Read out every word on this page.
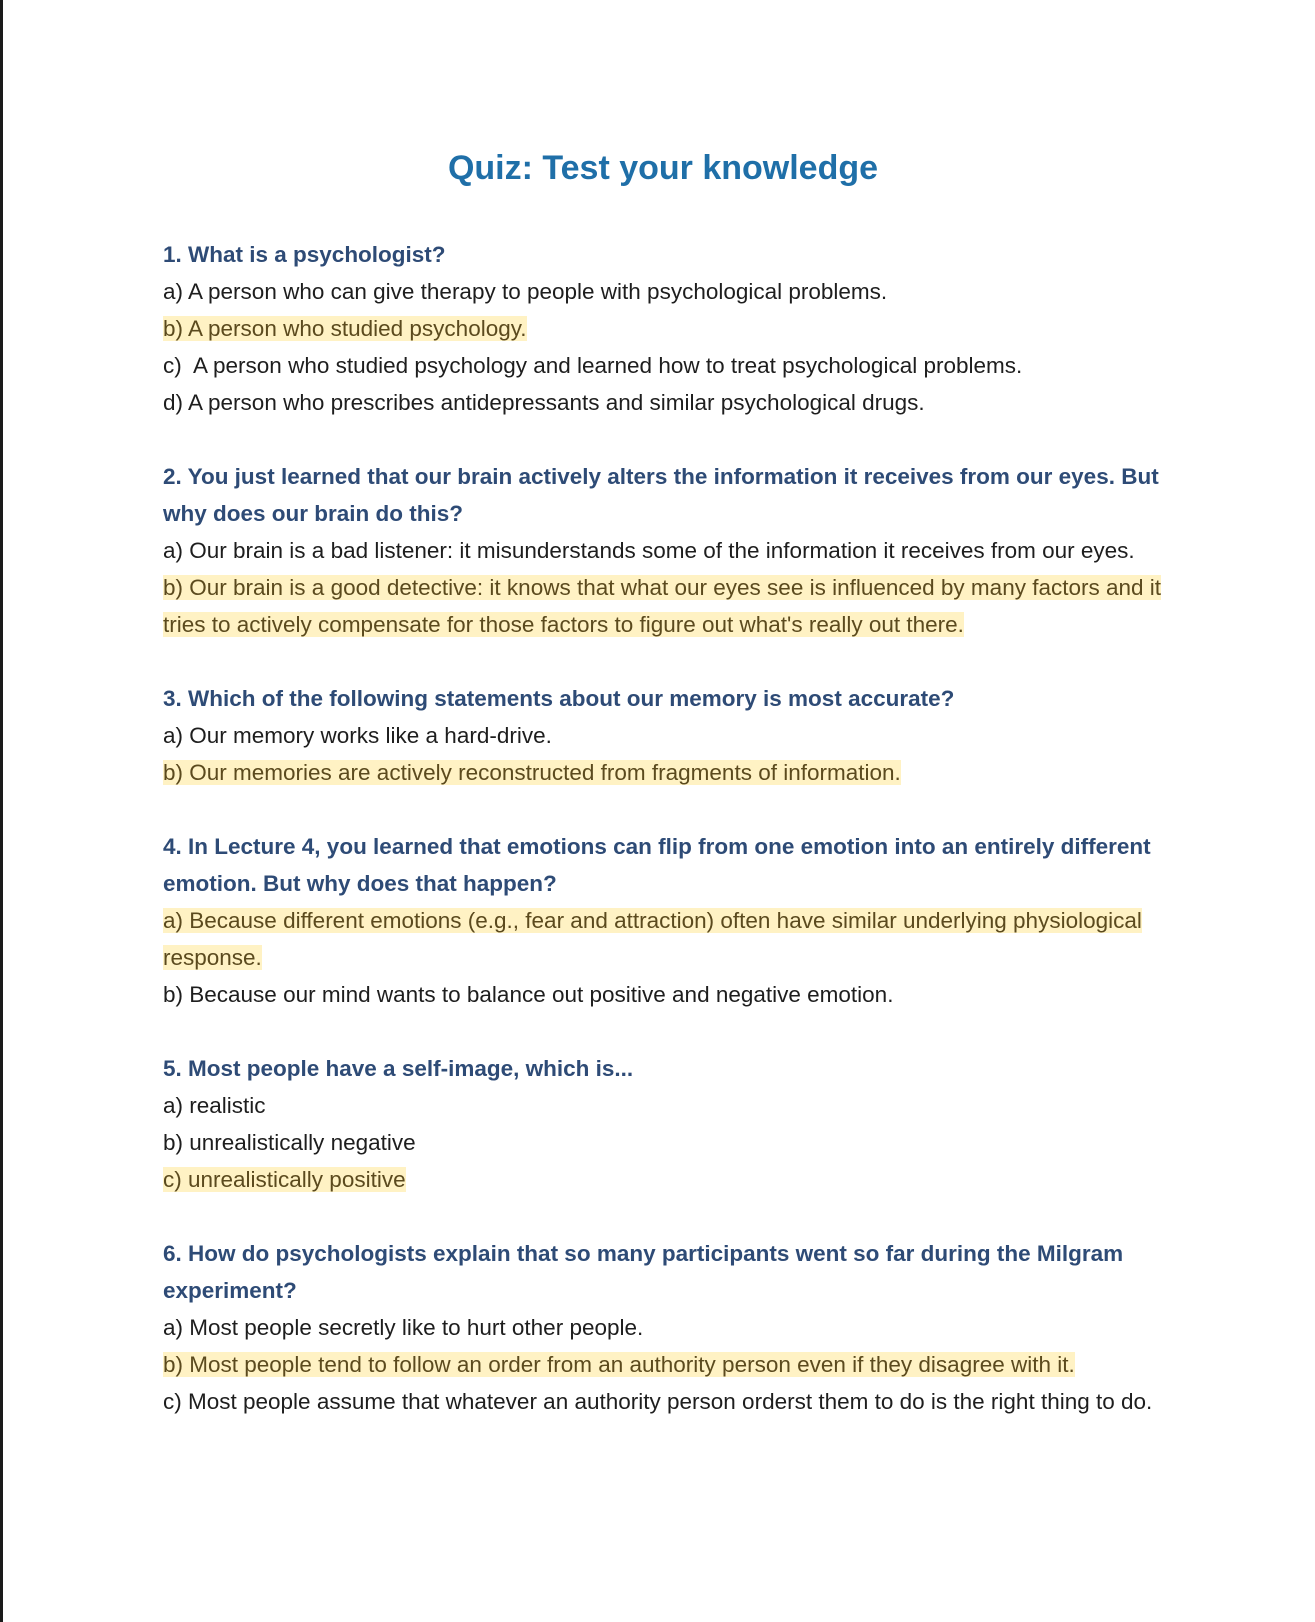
Quiz: Test your knowledge

1. What is a psychologist?

a) A person who can give therapy to people with psychological problems.

b) A person who studied psychology.

c)  A person who studied psychology and learned how to treat psychological problems.

d) A person who prescribes antidepressants and similar psychological drugs.

2. You just learned that our brain actively alters the information it receives from our eyes. But why does our brain do this?

a) Our brain is a bad listener: it misunderstands some of the information it receives from our eyes.

b) Our brain is a good detective: it knows that what our eyes see is influenced by many factors and it tries to actively compensate for those factors to figure out what's really out there.

3. Which of the following statements about our memory is most accurate?

a) Our memory works like a hard-drive.

b) Our memories are actively reconstructed from fragments of information.

4. In Lecture 4, you learned that emotions can flip from one emotion into an entirely different emotion. But why does that happen?

a) Because different emotions (e.g., fear and attraction) often have similar underlying physiological response.

b) Because our mind wants to balance out positive and negative emotion.

5. Most people have a self-image, which is...

a) realistic

b) unrealistically negative

c) unrealistically positive

6. How do psychologists explain that so many participants went so far during the Milgram experiment?

a) Most people secretly like to hurt other people.

b) Most people tend to follow an order from an authority person even if they disagree with it.

c) Most people assume that whatever an authority person orderst them to do is the right thing to do.
